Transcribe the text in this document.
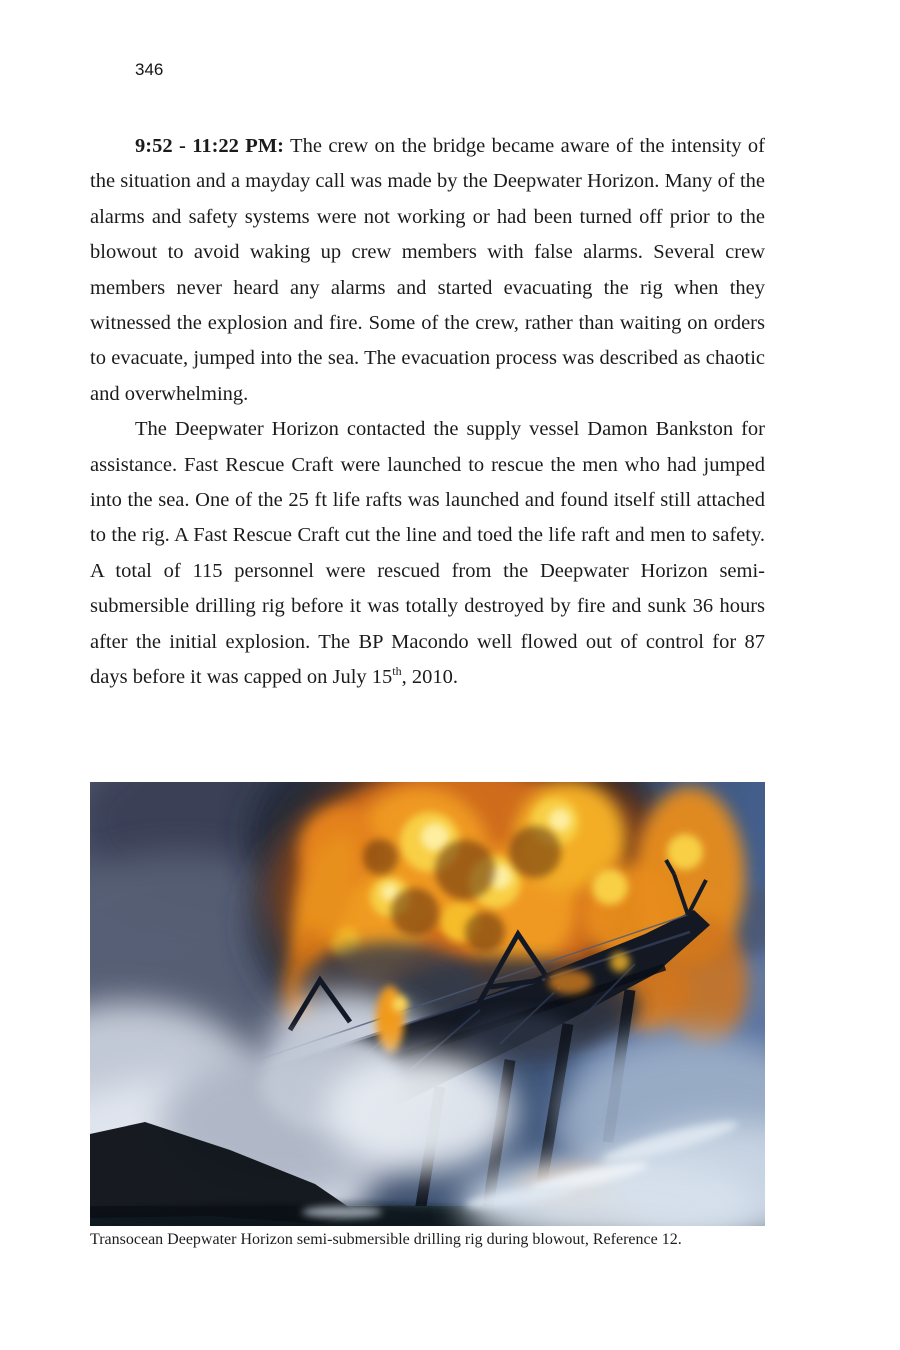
346

9:52 - 11:22 PM: The crew on the bridge became aware of the intensity of the situation and a mayday call was made by the Deepwater Horizon. Many of the alarms and safety systems were not working or had been turned off prior to the blowout to avoid waking up crew members with false alarms. Several crew members never heard any alarms and started evacuating the rig when they witnessed the explosion and fire. Some of the crew, rather than waiting on orders to evacuate, jumped into the sea. The evacuation process was described as chaotic and overwhelming.

The Deepwater Horizon contacted the supply vessel Damon Bankston for assistance. Fast Rescue Craft were launched to rescue the men who had jumped into the sea. One of the 25 ft life rafts was launched and found itself still attached to the rig. A Fast Rescue Craft cut the line and toed the life raft and men to safety. A total of 115 personnel were rescued from the Deepwater Horizon semi-submersible drilling rig before it was totally destroyed by fire and sunk 36 hours after the initial explosion. The BP Macondo well flowed out of control for 87 days before it was capped on July 15th, 2010.

Transocean Deepwater Horizon semi-submersible drilling rig during blowout, Reference 12.
